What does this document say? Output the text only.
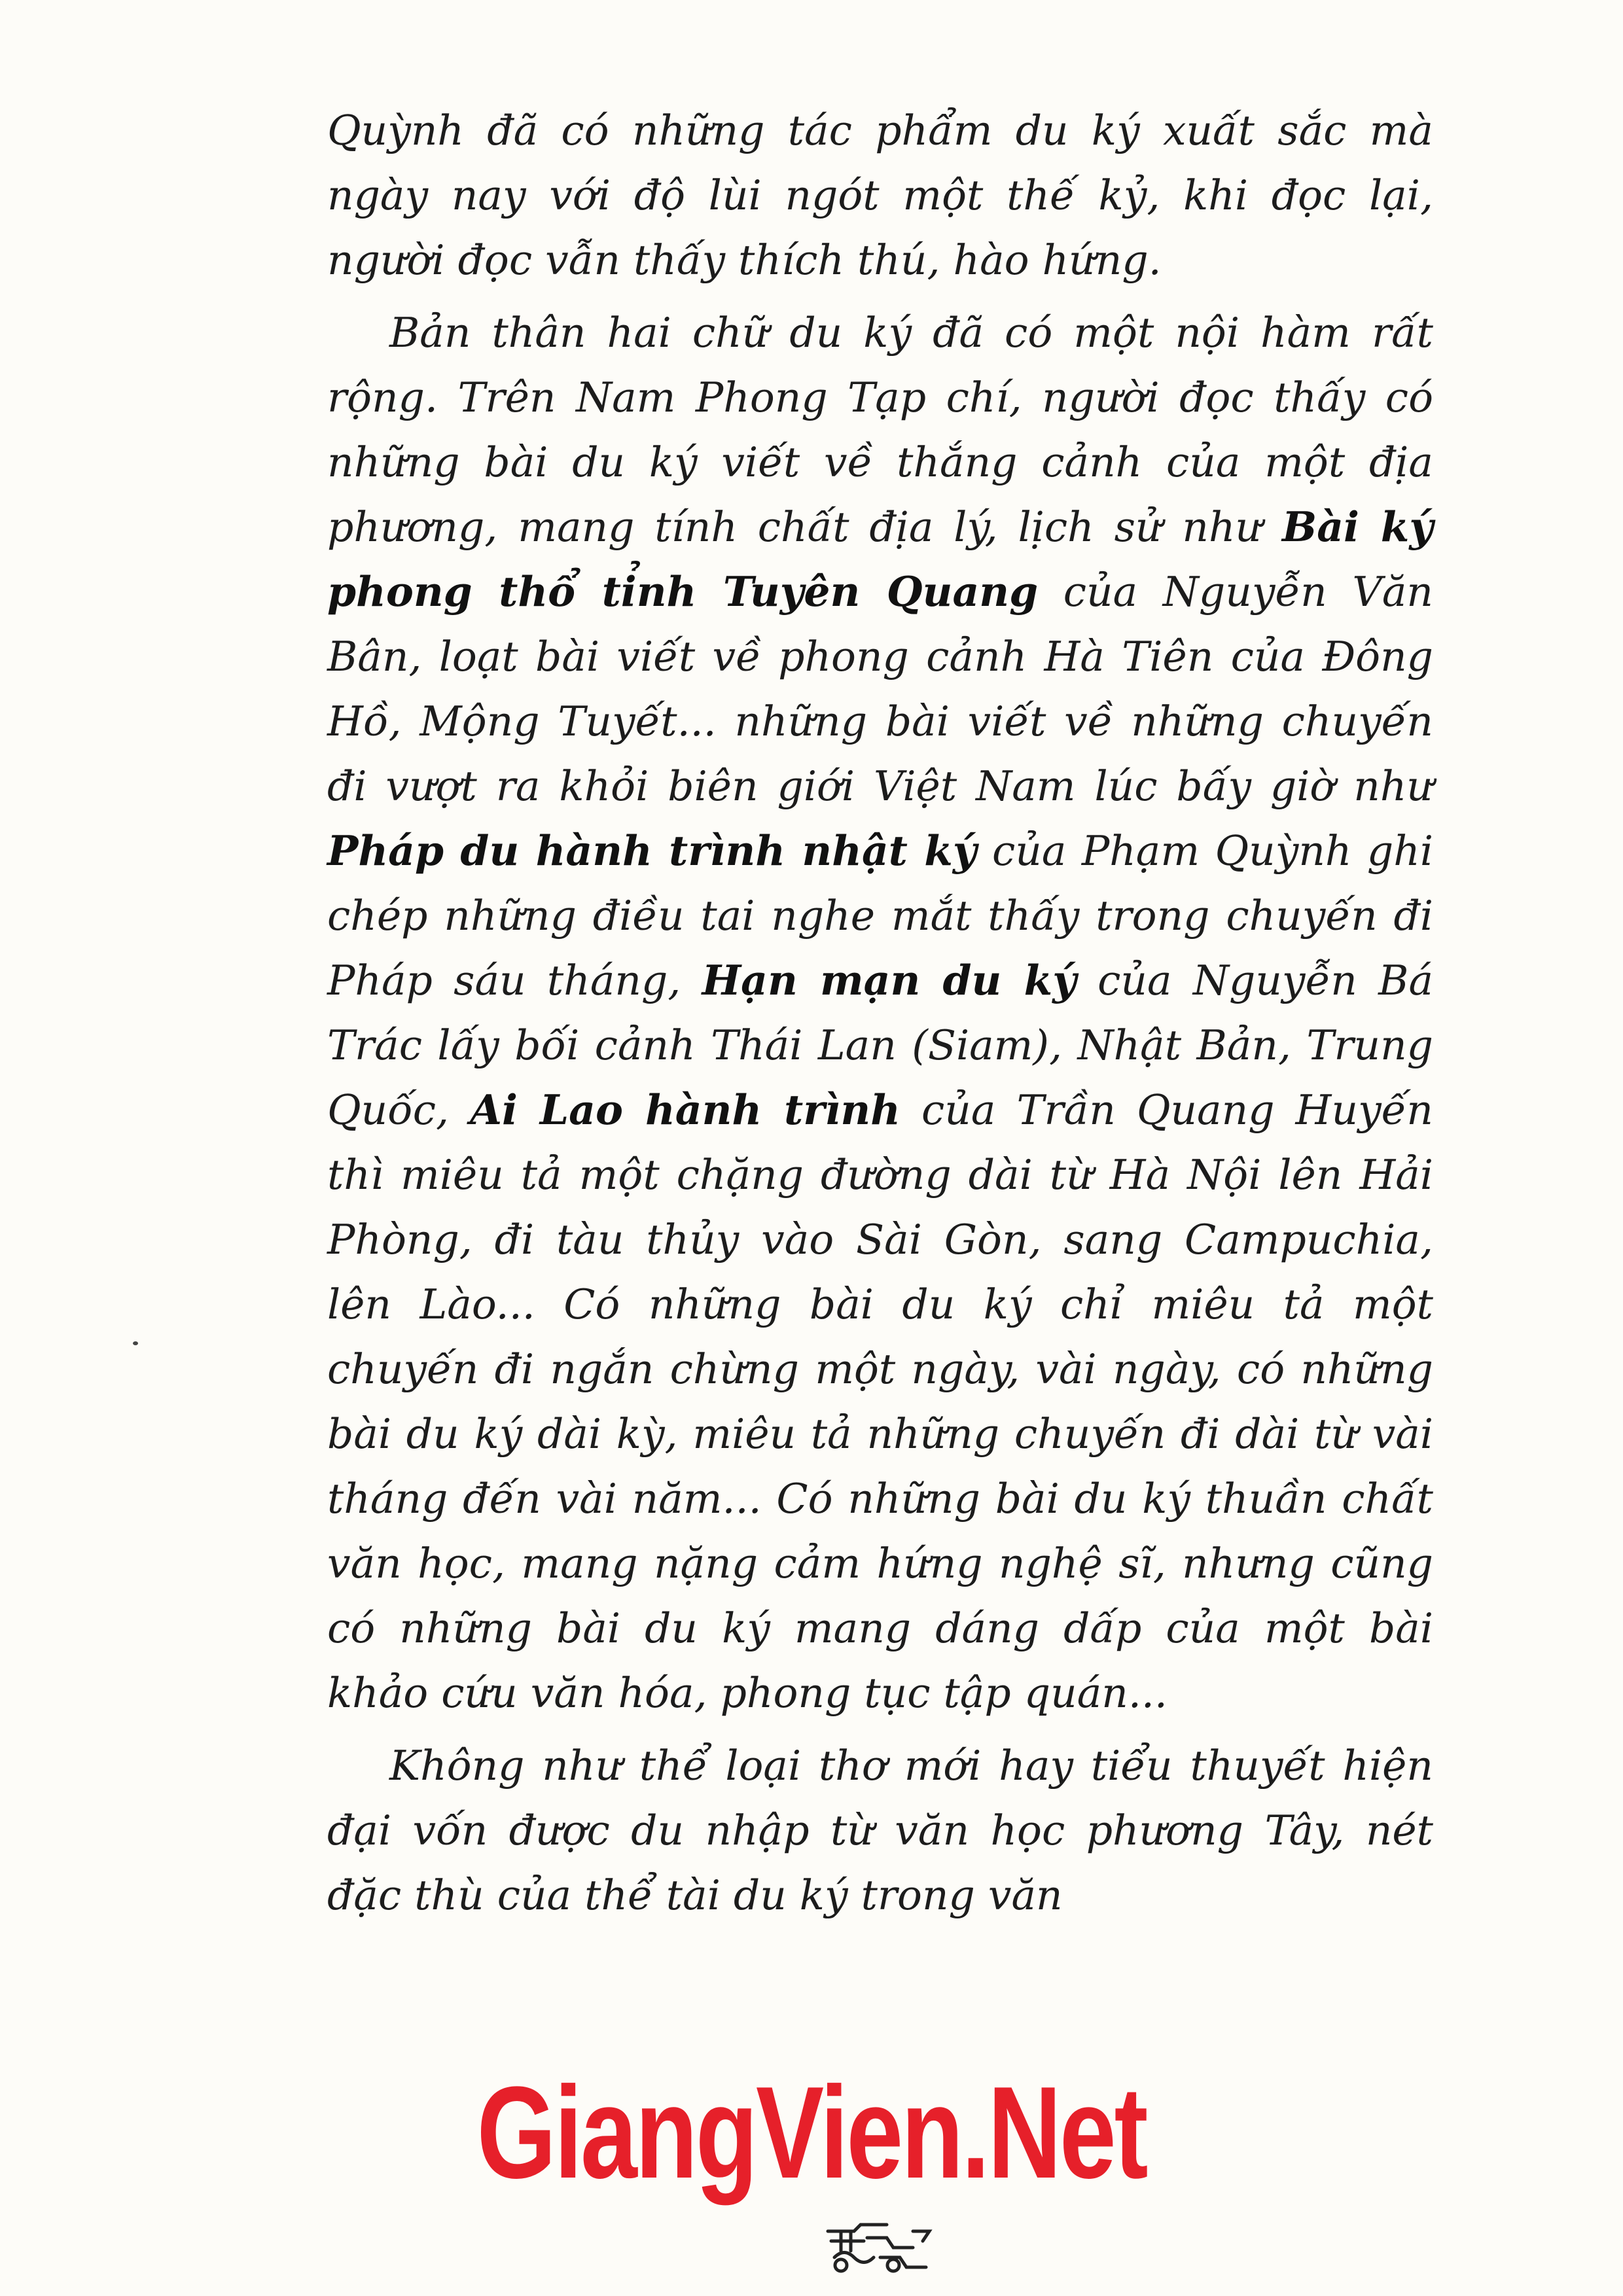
Quỳnh đã có những tác phẩm du ký xuất sắc mà ngày nay với độ lùi ngót một thế kỷ, khi đọc lại, người đọc vẫn thấy thích thú, hào hứng.

Bản thân hai chữ du ký đã có một nội hàm rất rộng. Trên Nam Phong Tạp chí, người đọc thấy có những bài du ký viết về thắng cảnh của một địa phương, mang tính chất địa lý, lịch sử như Bài ký phong thổ tỉnh Tuyên Quang của Nguyễn Văn Bân, loạt bài viết về phong cảnh Hà Tiên của Đông Hồ, Mộng Tuyết... những bài viết về những chuyến đi vượt ra khỏi biên giới Việt Nam lúc bấy giờ như Pháp du hành trình nhật ký của Phạm Quỳnh ghi chép những điều tai nghe mắt thấy trong chuyến đi Pháp sáu tháng, Hạn mạn du ký của Nguyễn Bá Trác lấy bối cảnh Thái Lan (Siam), Nhật Bản, Trung Quốc, Ai Lao hành trình của Trần Quang Huyến thì miêu tả một chặng đường dài từ Hà Nội lên Hải Phòng, đi tàu thủy vào Sài Gòn, sang Campuchia, lên Lào... Có những bài du ký chỉ miêu tả một chuyến đi ngắn chừng một ngày, vài ngày, có những bài du ký dài kỳ, miêu tả những chuyến đi dài từ vài tháng đến vài năm... Có những bài du ký thuần chất văn học, mang nặng cảm hứng nghệ sĩ, nhưng cũng có những bài du ký mang dáng dấp của một bài khảo cứu văn hóa, phong tục tập quán...

Không như thể loại thơ mới hay tiểu thuyết hiện đại vốn được du nhập từ văn học phương Tây, nét đặc thù của thể tài du ký trong văn

GiangVien.Net
